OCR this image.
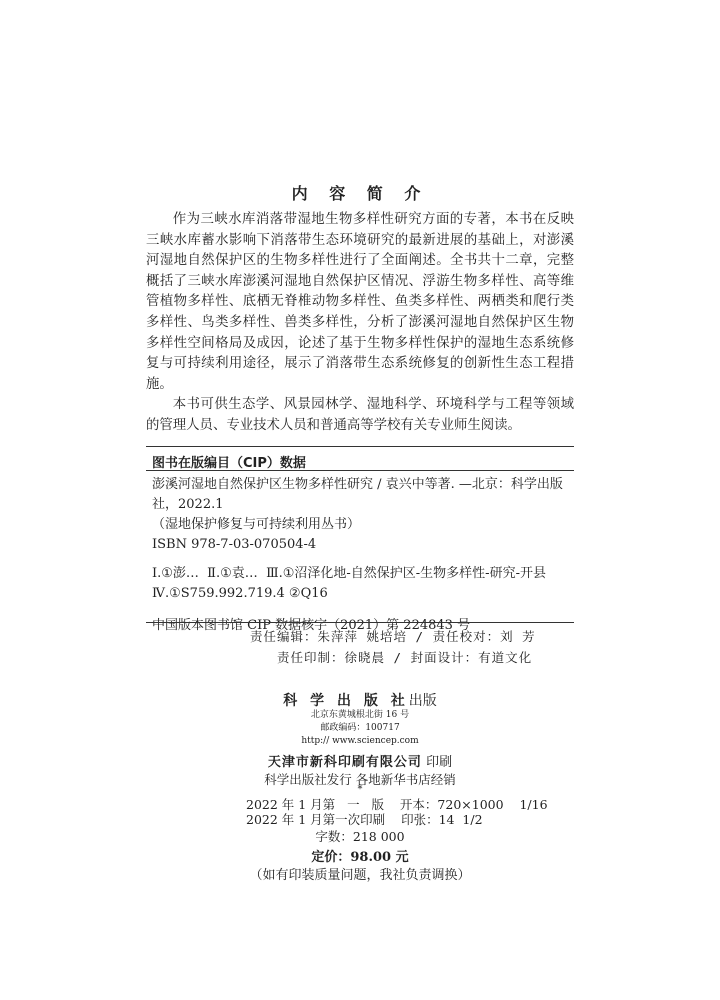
内 容 简 介

作为三峡水库消落带湿地生物多样性研究方面的专著，本书在反映三峡水库蓄水影响下消落带生态环境研究的最新进展的基础上，对澎溪河湿地自然保护区的生物多样性进行了全面阐述。全书共十二章，完整概括了三峡水库澎溪河湿地自然保护区情况、浮游生物多样性、高等维管植物多样性、底栖无脊椎动物多样性、鱼类多样性、两栖类和爬行类多样性、鸟类多样性、兽类多样性，分析了澎溪河湿地自然保护区生物多样性空间格局及成因，论述了基于生物多样性保护的湿地生态系统修复与可持续利用途径，展示了消落带生态系统修复的创新性生态工程措施。

本书可供生态学、风景园林学、湿地科学、环境科学与工程等领域的管理人员、专业技术人员和普通高等学校有关专业师生阅读。

图书在版编目（CIP）数据
澎溪河湿地自然保护区生物多样性研究 / 袁兴中等著. —北京：科学出版社，2022.1
（湿地保护修复与可持续利用丛书）
ISBN 978-7-03-070504-4
Ⅰ.①澎…  Ⅱ.①袁…  Ⅲ.①沼泽化地-自然保护区-生物多样性-研究-开县  Ⅳ.①S759.992.719.4 ②Q16
中国版本图书馆 CIP 数据核字（2021）第 224843 号
责任编辑：朱萍萍 姚培培 / 责任校对：刘 芳
责任印制：徐晓晨 / 封面设计：有道文化
科 学 出 版 社出版
北京东黄城根北街 16 号
邮政编码：100717
http:// www.sciencep.com
天津市新科印刷有限公司 印刷
科学出版社发行 各地新华书店经销
*
2022 年 1 月第   一   版    开本：720×1000    1/16
2022 年 1 月第一次印刷    印张：14  1/2
字数：218 000
定价：98.00 元
（如有印装质量问题，我社负责调换）
